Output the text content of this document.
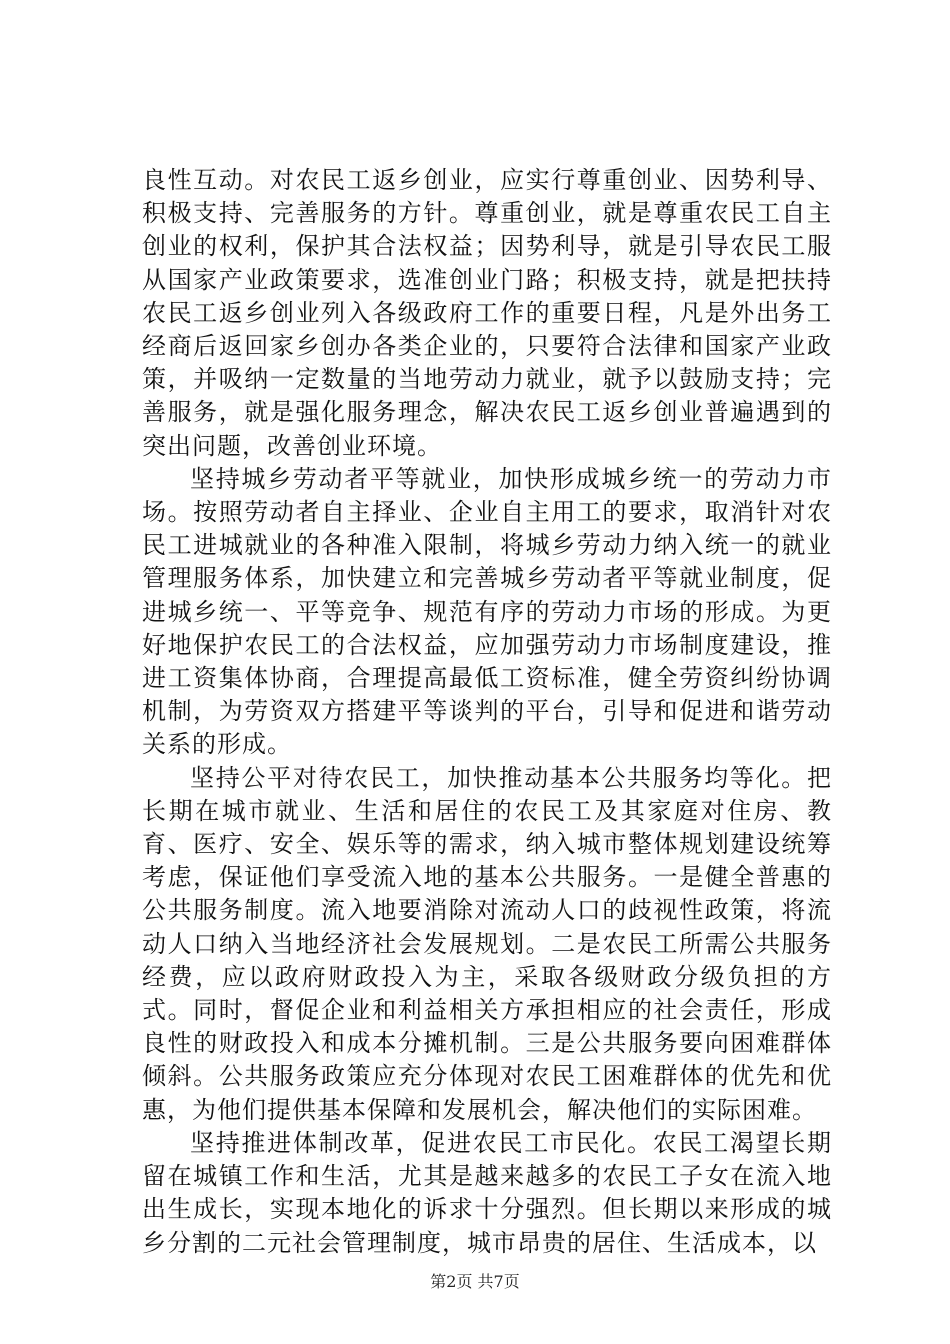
良性互动。对农民工返乡创业，应实行尊重创业、因势利导、积极支持、完善服务的方针。尊重创业，就是尊重农民工自主创业的权利，保护其合法权益；因势利导，就是引导农民工服从国家产业政策要求，选准创业门路；积极支持，就是把扶持农民工返乡创业列入各级政府工作的重要日程，凡是外出务工经商后返回家乡创办各类企业的，只要符合法律和国家产业政策，并吸纳一定数量的当地劳动力就业，就予以鼓励支持；完善服务，就是强化服务理念，解决农民工返乡创业普遍遇到的突出问题，改善创业环境。

坚持城乡劳动者平等就业，加快形成城乡统一的劳动力市场。按照劳动者自主择业、企业自主用工的要求，取消针对农民工进城就业的各种准入限制，将城乡劳动力纳入统一的就业管理服务体系，加快建立和完善城乡劳动者平等就业制度，促进城乡统一、平等竞争、规范有序的劳动力市场的形成。为更好地保护农民工的合法权益，应加强劳动力市场制度建设，推进工资集体协商，合理提高最低工资标准，健全劳资纠纷协调机制，为劳资双方搭建平等谈判的平台，引导和促进和谐劳动关系的形成。

坚持公平对待农民工，加快推动基本公共服务均等化。把长期在城市就业、生活和居住的农民工及其家庭对住房、教育、医疗、安全、娱乐等的需求，纳入城市整体规划建设统筹考虑，保证他们享受流入地的基本公共服务。一是健全普惠的公共服务制度。流入地要消除对流动人口的歧视性政策，将流动人口纳入当地经济社会发展规划。二是农民工所需公共服务经费，应以政府财政投入为主，采取各级财政分级负担的方式。同时，督促企业和利益相关方承担相应的社会责任，形成良性的财政投入和成本分摊机制。三是公共服务要向困难群体倾斜。公共服务政策应充分体现对农民工困难群体的优先和优惠，为他们提供基本保障和发展机会，解决他们的实际困难。

坚持推进体制改革，促进农民工市民化。农民工渴望长期留在城镇工作和生活，尤其是越来越多的农民工子女在流入地出生成长，实现本地化的诉求十分强烈。但长期以来形成的城乡分割的二元社会管理制度，城市昂贵的居住、生活成本，以

第2页 共7页
